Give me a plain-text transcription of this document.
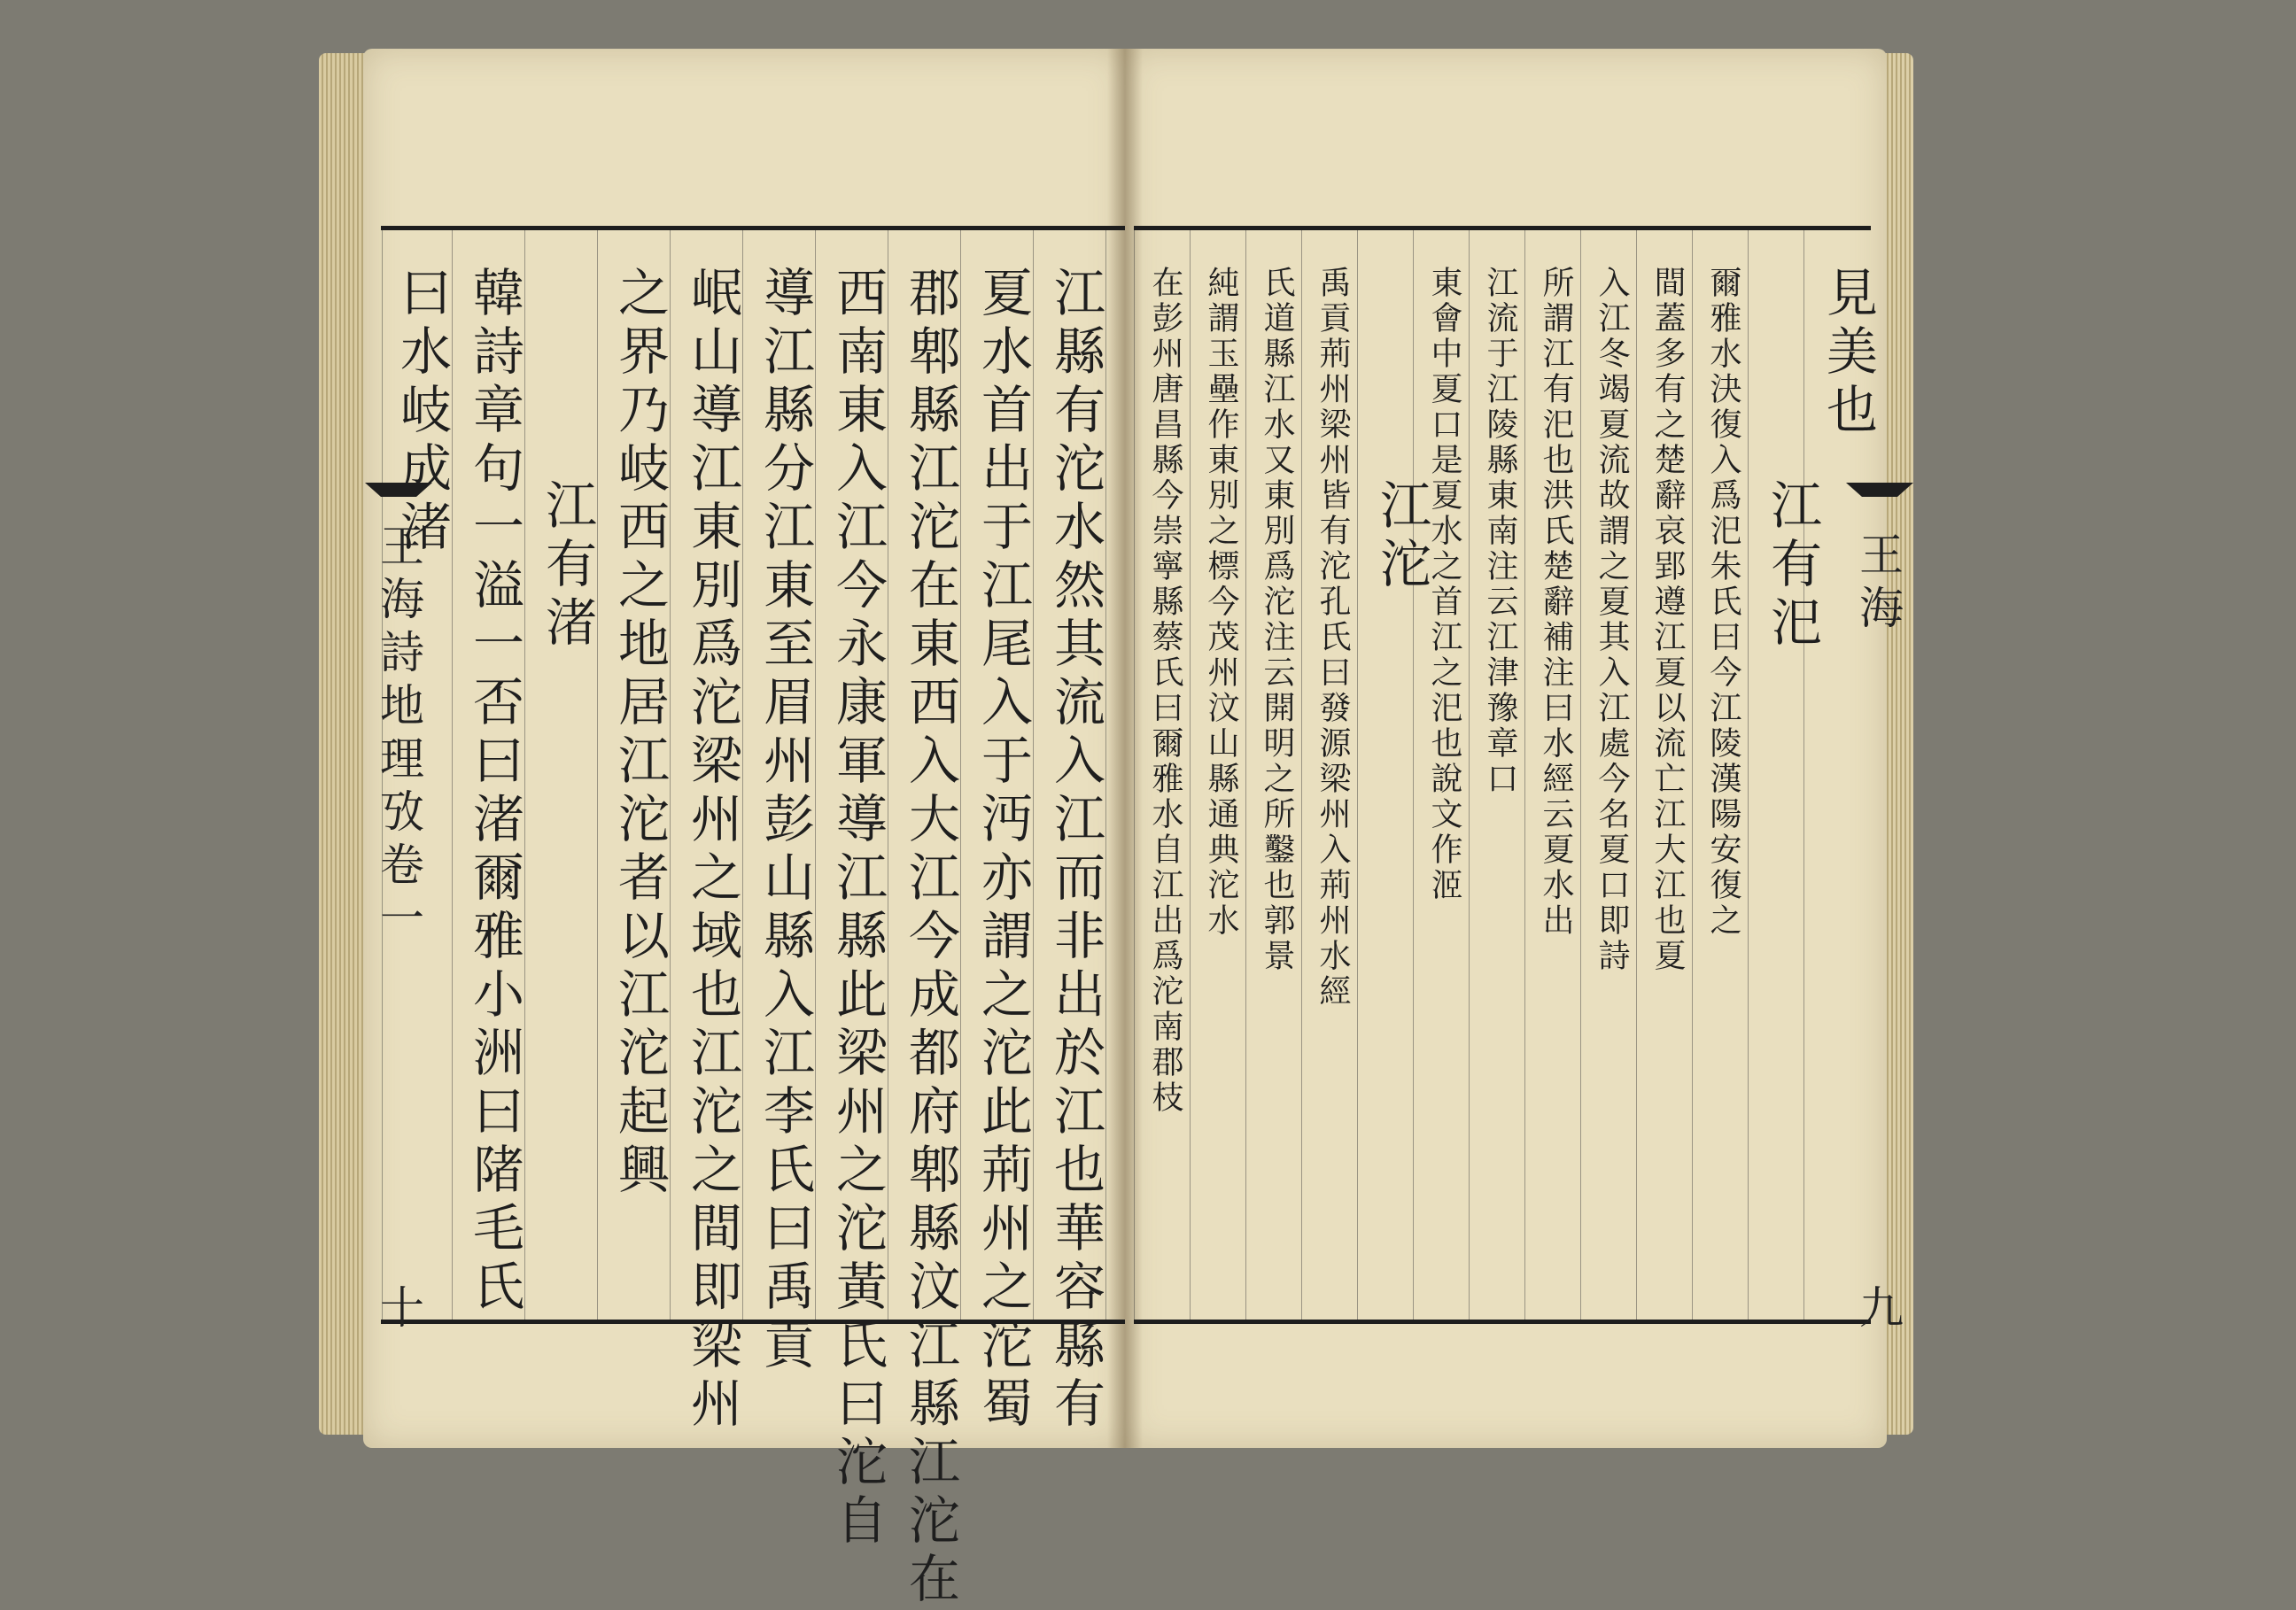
江縣有沱水然其流入江而非出於江也華容縣有
夏水首出于江尾入于沔亦謂之沱此荊州之沱蜀
郡郫縣江沱在東西入大江今成都府郫縣汶江縣江沱在
西南東入江今永康軍導江縣此梁州之沱黃氏曰沱自
導江縣分江東至眉州彭山縣入江李氏曰禹貢
岷山導江東別爲沱梁州之域也江沱之間即梁州
之界乃岐西之地居江沱者以江沱起興
江有渚
韓詩章句一溢一否曰渚爾雅小洲曰陼毛氏
曰水岐成渚
王海詩地理攷卷一
十
見美也
江有汜
爾雅水決復入爲汜朱氏曰今江陵漢陽安復之
間蓋多有之楚辭哀郢遵江夏以流亡江大江也夏
入江冬竭夏流故謂之夏其入江處今名夏口即詩
所謂江有汜也洪氏楚辭補注曰水經云夏水出
江流于江陵縣東南注云江津豫章口
東會中夏口是夏水之首江之汜也說文作洍
江沱
禹貢荊州梁州皆有沱孔氏曰發源梁州入荊州水經
氏道縣江水又東別爲沱注云開明之所鑿也郭景
純謂玉壘作東別之標今茂州汶山縣通典沱水
在彭州唐昌縣今崇寧縣蔡氏曰爾雅水自江出爲沱南郡枝	王海
九
